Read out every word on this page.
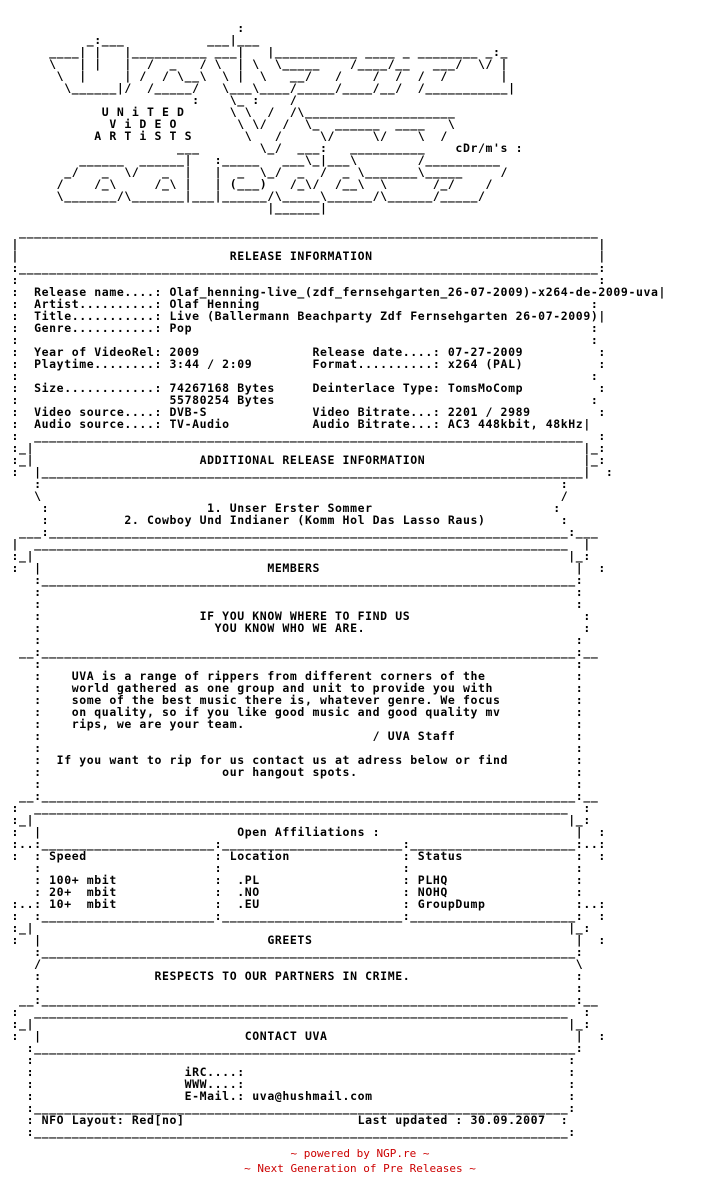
:
_:___           ___|___
____| |   |__________ ___|   |___________ ____ _ ________ _:_
\   | |   |  /  _   / \  | \  \_____    /____/__   ___/  \/ |
\  |     | /  / \__\  \ |  \   __/   /    /  /  /  /       |
\______|/  /_____/   \___\____/_____/____/__/  /___________|
:    \_ :    /
U N i T E D      \ \  /  /\____________________
V i D E O        \ \/  /  \_  ______  ____   \
A R T i S T S       \   /     \/     \/    \  /
___        \_/  ___:   __________    cDr/m's :
______  ______|   :_____   ___\_|___\        /__________
_/   _  \/   _  |   |  _  \_/  _  /  _ \_______\_____     /
/    /_\     /_\ |   | (___)   /_\/  /__\  \      /_/    /
\_______/\_______|___|______/\_____\______/\______/_____/
|______|

_____________________________________________________________________________
|                                                                             |
|                            RELEASE INFORMATION                              |
:_____________________________________________________________________________:
:                                                                             :
:  Release name....: Olaf_henning-live_(zdf_fernsehgarten_26-07-2009)-x264-de-2009-uva|
:  Artist..........: Olaf Henning                                            :
:  Title...........: Live (Ballermann Beachparty Zdf Fernsehgarten 26-07-2009)|
:  Genre...........: Pop                                                     :
:                                                                            :
:  Year of VideoRel: 2009               Release date....: 07-27-2009          :
:  Playtime........: 3:44 / 2:09        Format..........: x264 (PAL)          :
:                                                                            :
:  Size............: 74267168 Bytes     Deinterlace Type: TomsMoComp          :
:                    55780254 Bytes                                          :
:  Video source....: DVB-S              Video Bitrate...: 2201 / 2989         :
:  Audio source....: TV-Audio           Audio Bitrate...: AC3 448kbit, 48kHz|
:  _________________________________________________________________________  :
:_|                                                                         |_:
:_|                      ADDITIONAL RELEASE INFORMATION                     |_:
:  |________________________________________________________________________|  :
:                                                                     :
\                                                                     /
:                     1. Unser Erster Sommer                        :
:          2. Cowboy Und Indianer (Komm Hol Das Lasso Raus)          :
___:_____________________________________________________________________:___
|  _______________________________________________________________________  |
:_|                                                                       |_:
:  |                              MEMBERS                                  |  :
:_______________________________________________________________________:
:                                                                       :
:                                                                       :
:                     IF YOU KNOW WHERE TO FIND US                       :
:                       YOU KNOW WHO WE ARE.                             :
:                                                                       :
__:_______________________________________________________________________:__
:                                                                       :
:    UVA is a range of rippers from different corners of the            :
:    world gathered as one group and unit to provide you with           :
:    some of the best music there is, whatever genre. We focus          :
:    on quality, so if you like good music and good quality mv          :
:    rips, we are your team.                                            :
:                                            / UVA Staff                :
:                                                                       :
:  If you want to rip for us contact us at adress below or find         :
:                        our hangout spots.                             :
:                                                                       :
__:_______________________________________________________________________:__
:  _______________________________________________________________________  :
:_|                                                                       |_:
:  |                          Open Affiliations :                          |  :
:..:_______________________:________________________:______________________:..:
:  : Speed                 : Location               : Status               :  :
:                       :                        :                      :
: 100+ mbit             :  .PL                   : PLHQ                 :
: 20+  mbit             :  .NO                   : NOHQ                 :
:..: 10+  mbit             :  .EU                   : GroupDump            :..:
:  :_______________________:________________________:______________________:  :
:_|                                                                       |_:
:  |                              GREETS                                   |  :
:_______________________________________________________________________:
/                                                                       \
:               RESPECTS TO OUR PARTNERS IN CRIME.                      :
:                                                                       :
__:_______________________________________________________________________:__
:  _______________________________________________________________________  :
:_|                                                                       |_:
:  |                           CONTACT UVA                                 |  :
:________________________________________________________________________:
:                                                                       :
:                    iRC....:                                           :
:                    WWW....:                                           :
:                    E-Mail.: uva@hushmail.com                          :
:_______________________________________________________________________:
: NFO Layout: Red[no]                       Last updated : 30.09.2007  :
:_______________________________________________________________________:
~ powered by NGP.re ~
~ Next Generation of Pre Releases ~
